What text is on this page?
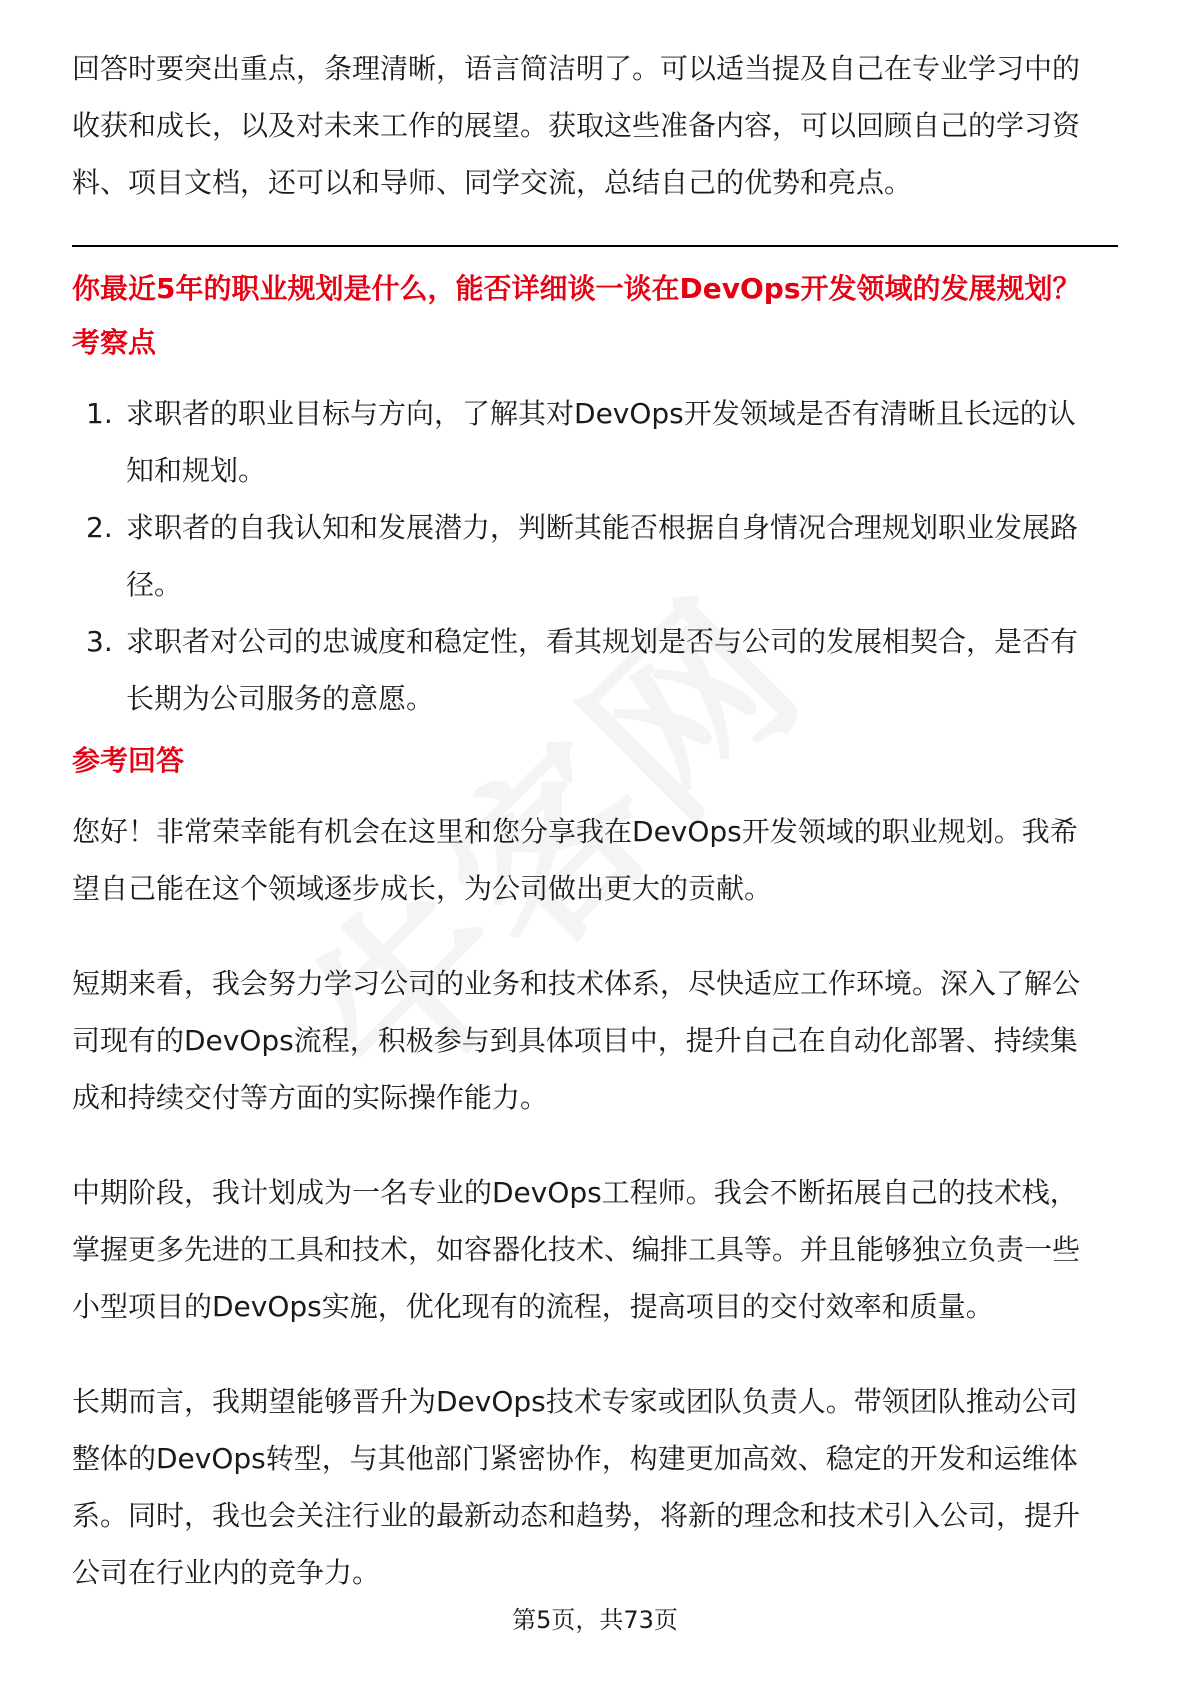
回答时要突出重点，条理清晰，语言简洁明了。可以适当提及自己在专业学习中的
收获和成长，以及对未来工作的展望。获取这些准备内容，可以回顾自己的学习资
料、项目文档，还可以和导师、同学交流，总结自己的优势和亮点。

你最近5年的职业规划是什么，能否详细谈一谈在DevOps开发领域的发展规划？

考察点
1. 求职者的职业目标与方向，了解其对DevOps开发领域是否有清晰且长远的认
知和规划。
2. 求职者的自我认知和发展潜力，判断其能否根据自身情况合理规划职业发展路
径。
3. 求职者对公司的忠诚度和稳定性，看其规划是否与公司的发展相契合，是否有
长期为公司服务的意愿。
参考回答
您好！非常荣幸能有机会在这里和您分享我在DevOps开发领域的职业规划。我希
望自己能在这个领域逐步成长，为公司做出更大的贡献。
短期来看，我会努力学习公司的业务和技术体系，尽快适应工作环境。深入了解公
司现有的DevOps流程，积极参与到具体项目中，提升自己在自动化部署、持续集
成和持续交付等方面的实际操作能力。
中期阶段，我计划成为一名专业的DevOps工程师。我会不断拓展自己的技术栈，
掌握更多先进的工具和技术，如容器化技术、编排工具等。并且能够独立负责一些
小型项目的DevOps实施，优化现有的流程，提高项目的交付效率和质量。
长期而言，我期望能够晋升为DevOps技术专家或团队负责人。带领团队推动公司
整体的DevOps转型，与其他部门紧密协作，构建更加高效、稳定的开发和运维体
系。同时，我也会关注行业的最新动态和趋势，将新的理念和技术引入公司，提升
公司在行业内的竞争力。
第5页，共73页
